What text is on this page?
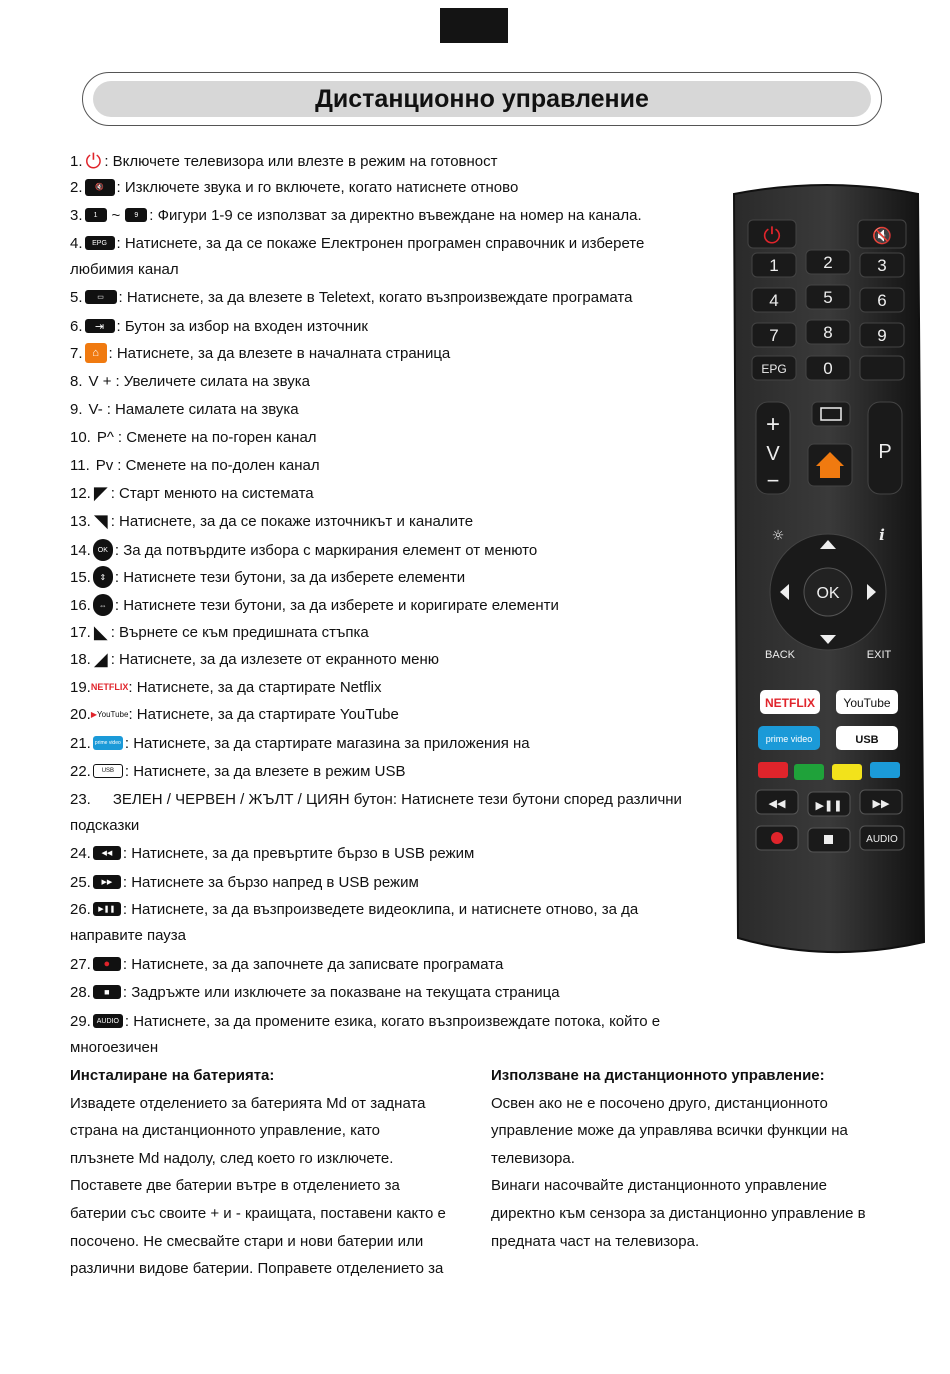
Дистанционно управление
1. ⏻ : Включете телевизора или влезте в режим на готовност
2.	🔇 : Изключете звука и го включете, когато натиснете отново
3.	1 ~	9 : Фигури 1-9 се използват за директно въвеждане на номер на канала.
4.	EPG : Натиснете, за да се покаже Електронен програмен справочник и изберете
любимия канал
5.	▭ : Натиснете, за да влезете в Teletext, когато възпроизвеждате програмата
6.	⇥ : Бутон за избор на входен източник
7. ⌂ : Натиснете, за да влезете в началната страница
8. V + : Увеличете силата на звука
9. V- : Намалете силата на звука
10. P^ : Сменете на по-горен канал
11. Pv : Сменете на по-долен канал
12. ◤ : Старт менюто на системата
13. ◥ : Натиснете, за да се покаже източникът и каналите
14. OK : За да потвърдите избора с маркирания елемент от менюто
15.	⇕ : Натиснете тези бутони, за да изберете елементи
16.	⇔ : Натиснете тези бутони, за да изберете и коригирате елементи
17. ◣ : Върнете се към предишната стъпка
18. ◢ : Натиснете, за да излезете от екранното меню
19. NETFLIX : Натиснете, за да стартирате Netflix
20. ▶YouTube : Натиснете, за да стартирате YouTube
21. prime video : Натиснете, за да стартирате магазина за приложения на
22.	USB : Натиснете, за да влезете в режим USB
23. ЗЕЛЕН / ЧЕРВЕН / ЖЪЛТ / ЦИЯН бутон: Натиснете тези бутони според различни
подсказки
24.	◀◀ : Натиснете, за да превъртите бързо в USB режим
25.	▶▶ : Натиснете за бързо напред в USB режим
26.	▶❚❚ : Натиснете, за да възпроизведете видеоклипа, и натиснете отново, за да
направите пауза
27.	● : Натиснете, за да започнете да записвате програмата
28.	■ : Задръжте или изключете за показване на текущата страница
29. AUDIO : Натиснете, за да промените езика, когато възпроизвеждате потока, който е
многоезичен
Инсталиране на батерията:
Извадете отделението за батерията Md от задната
страна на дистанционното управление, като
плъзнете Md надолу, след което го изключете.
Поставете две батерии вътре в отделението за
батерии със своите + и - краищата, поставени както е
посочено. Не смесвайте стари и нови батерии или
различни видове батерии. Поправете отделението за
Използване на дистанционното управление:
Освен ако не е посочено друго, дистанционното
управление може да управлява всички функции на
телевизора.
Винаги насочвайте дистанционното управление
директно към сензора за дистанционно управление в
предната част на телевизора.
⏻	🔇
1	2	3
4	5	6
7	8	9
0
EPG
+
V
−
P
OK
☼	i
BACK	EXIT
NETFLIX YouTube
prime video	USB
◀◀	▶❚❚	▶▶
AUDIO
